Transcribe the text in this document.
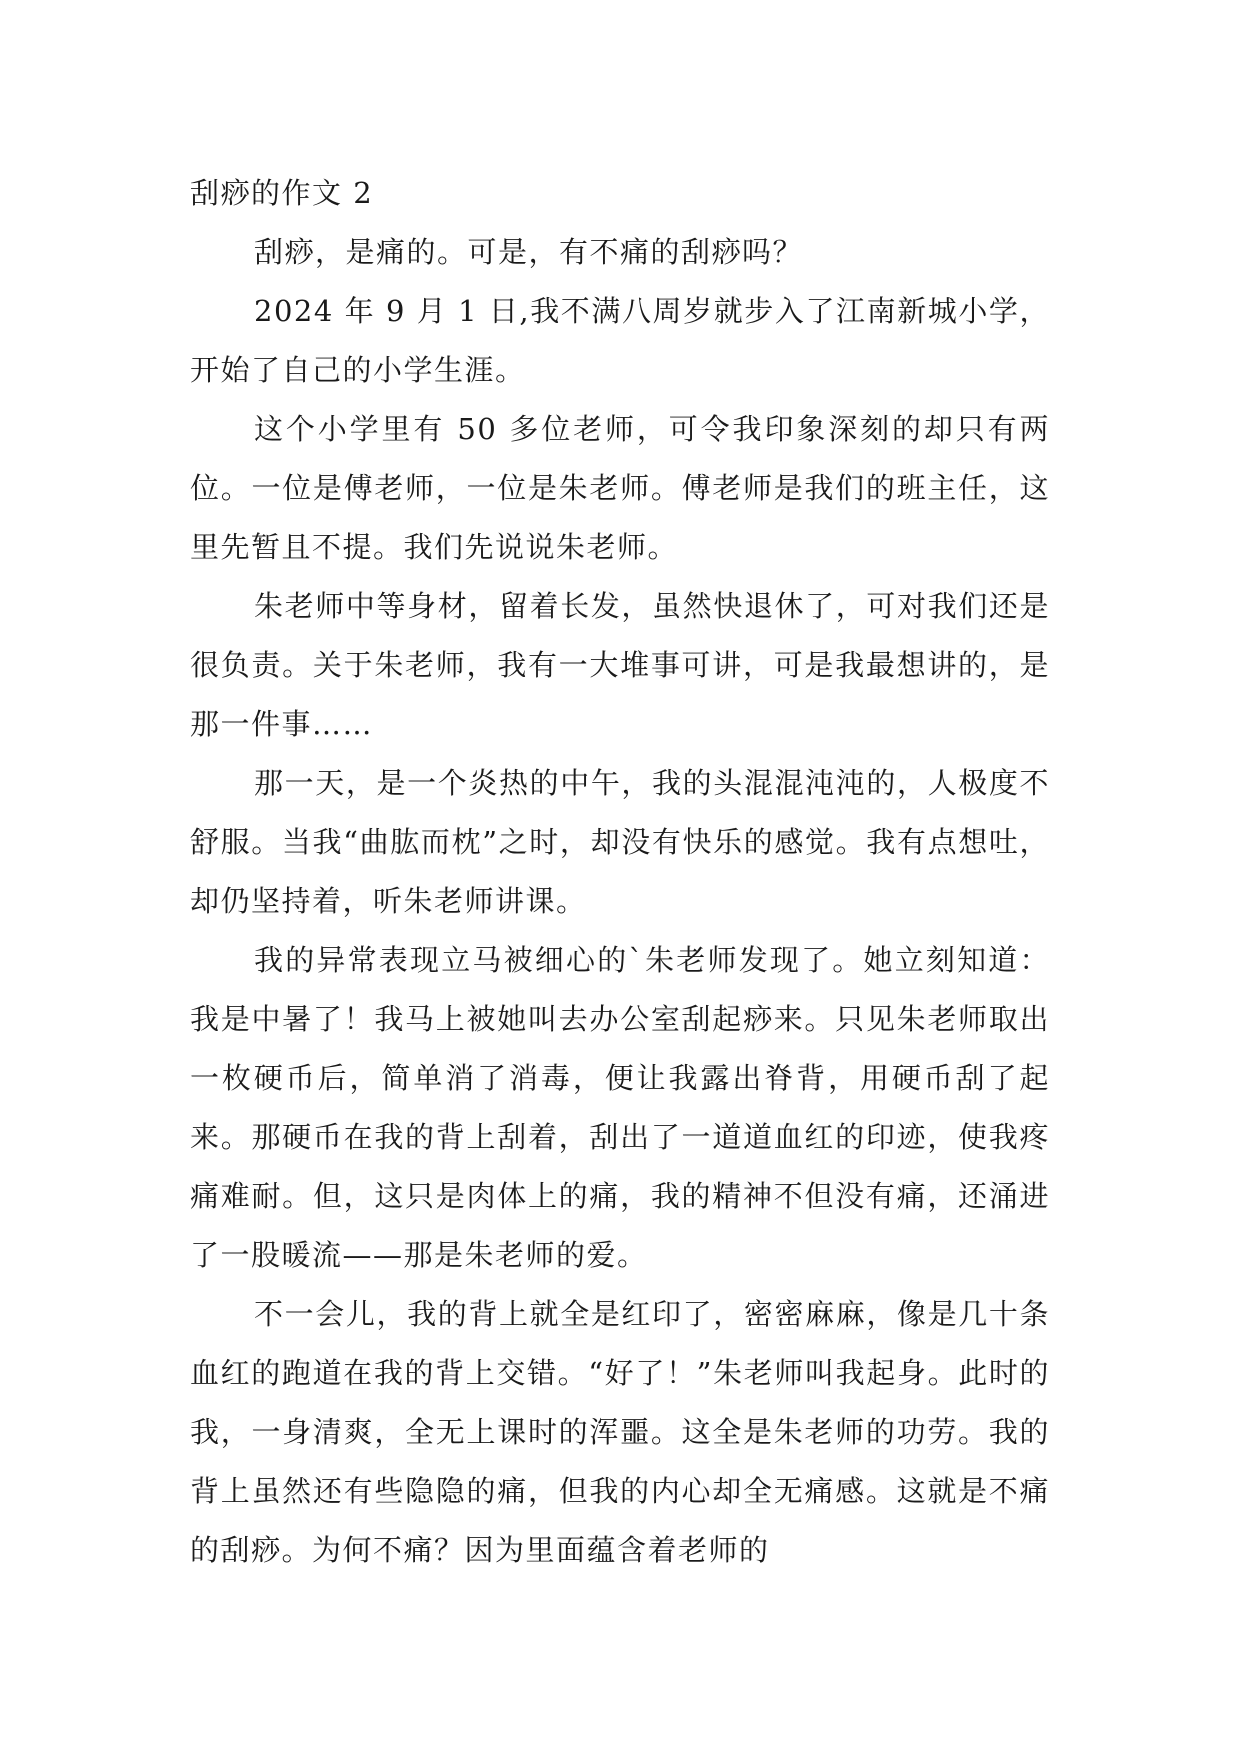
刮痧的作文 2

刮痧，是痛的。可是，有不痛的刮痧吗？

2024 年 9 月 1 日,我不满八周岁就步入了江南新城小学，开始了自己的小学生涯。

这个小学里有 50 多位老师，可令我印象深刻的却只有两位。一位是傅老师，一位是朱老师。傅老师是我们的班主任，这里先暂且不提。我们先说说朱老师。

朱老师中等身材，留着长发，虽然快退休了，可对我们还是很负责。关于朱老师，我有一大堆事可讲，可是我最想讲的，是那一件事……

那一天，是一个炎热的中午，我的头混混沌沌的，人极度不舒服。当我“曲肱而枕”之时，却没有快乐的感觉。我有点想吐，却仍坚持着，听朱老师讲课。

我的异常表现立马被细心的`朱老师发现了。她立刻知道：我是中暑了！我马上被她叫去办公室刮起痧来。只见朱老师取出一枚硬币后，简单消了消毒，便让我露出脊背，用硬币刮了起来。那硬币在我的背上刮着，刮出了一道道血红的印迹，使我疼痛难耐。但，这只是肉体上的痛，我的精神不但没有痛，还涌进了一股暖流——那是朱老师的爱。

不一会儿，我的背上就全是红印了，密密麻麻，像是几十条血红的跑道在我的背上交错。“好了！”朱老师叫我起身。此时的我，一身清爽，全无上课时的浑噩。这全是朱老师的功劳。我的背上虽然还有些隐隐的痛，但我的内心却全无痛感。这就是不痛的刮痧。为何不痛？因为里面蕴含着老师的
